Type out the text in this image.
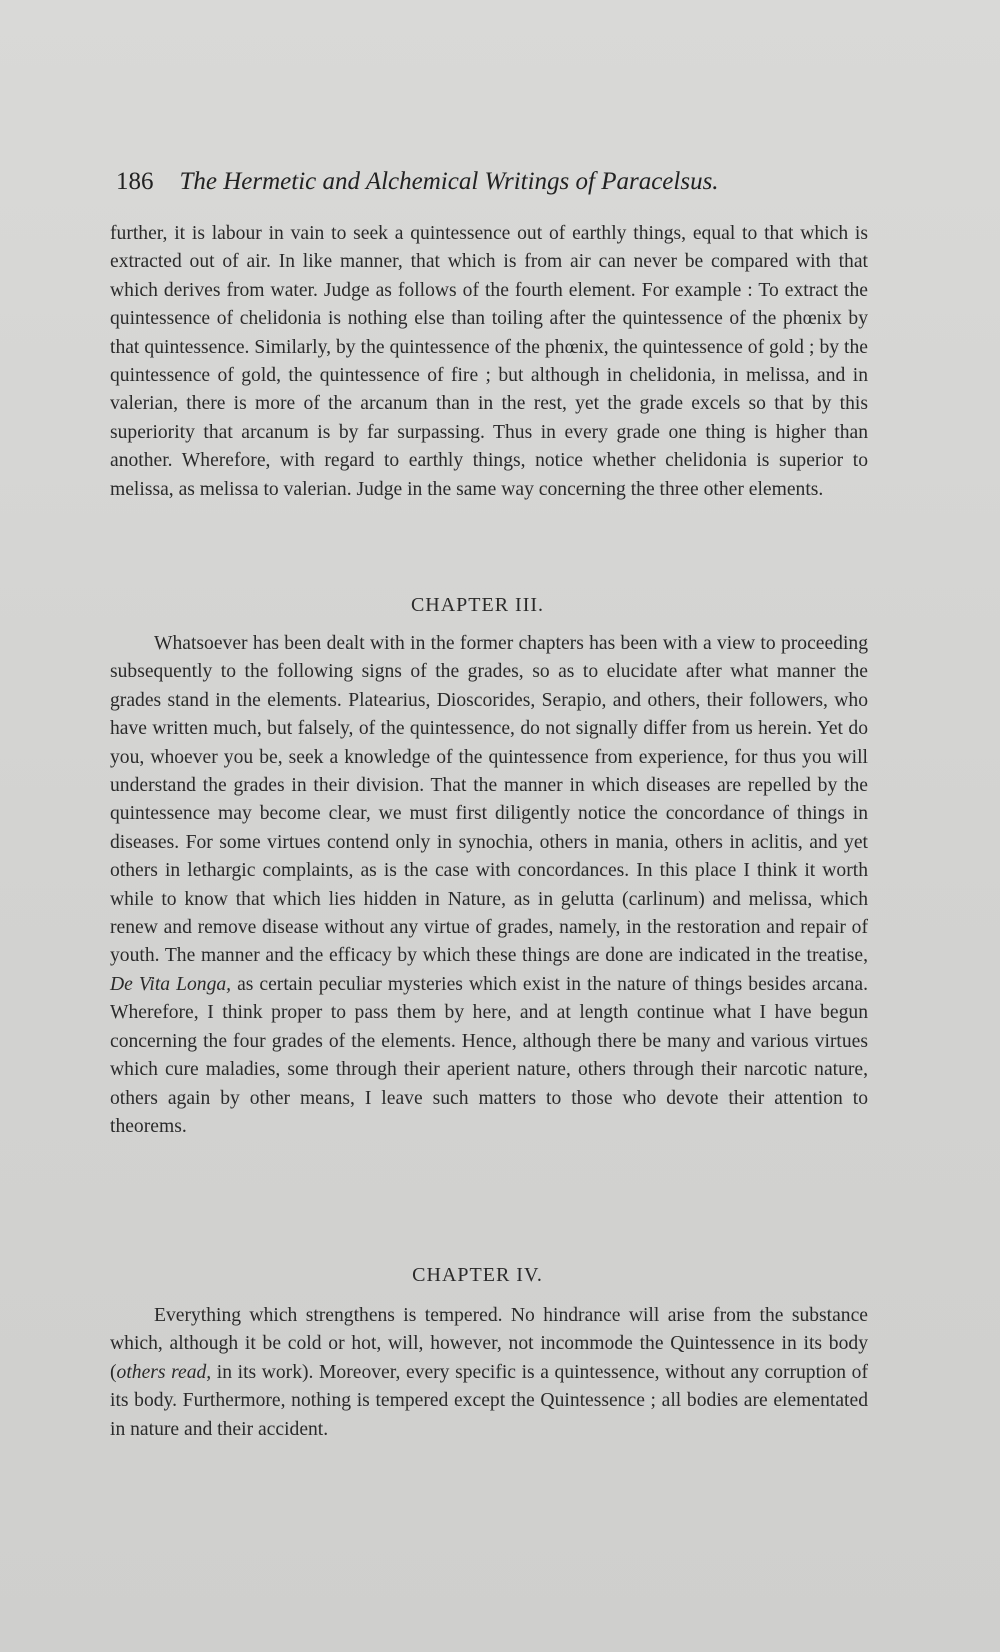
186 The Hermetic and Alchemical Writings of Paracelsus.

further, it is labour in vain to seek a quintessence out of earthly things, equal to that which is extracted out of air. In like manner, that which is from air can never be compared with that which derives from water. Judge as follows of the fourth element. For example : To extract the quintessence of chelidonia is nothing else than toiling after the quintessence of the phœnix by that quintessence. Similarly, by the quintessence of the phœnix, the quintessence of gold ; by the quintessence of gold, the quintessence of fire ; but although in chelidonia, in melissa, and in valerian, there is more of the arcanum than in the rest, yet the grade excels so that by this superiority that arcanum is by far surpassing. Thus in every grade one thing is higher than another. Wherefore, with regard to earthly things, notice whether chelidonia is superior to melissa, as melissa to valerian. Judge in the same way concerning the three other elements.

CHAPTER III.

Whatsoever has been dealt with in the former chapters has been with a view to proceeding subsequently to the following signs of the grades, so as to elucidate after what manner the grades stand in the elements. Platearius, Dioscorides, Serapio, and others, their followers, who have written much, but falsely, of the quintessence, do not signally differ from us herein. Yet do you, whoever you be, seek a knowledge of the quintessence from experience, for thus you will understand the grades in their division. That the manner in which diseases are repelled by the quintessence may become clear, we must first diligently notice the concordance of things in diseases. For some virtues contend only in synochia, others in mania, others in aclitis, and yet others in lethargic complaints, as is the case with concordances. In this place I think it worth while to know that which lies hidden in Nature, as in gelutta (carlinum) and melissa, which renew and remove disease without any virtue of grades, namely, in the restoration and repair of youth. The manner and the efficacy by which these things are done are indicated in the treatise, De Vita Longa, as certain peculiar mysteries which exist in the nature of things besides arcana. Wherefore, I think proper to pass them by here, and at length continue what I have begun concerning the four grades of the elements. Hence, although there be many and various virtues which cure maladies, some through their aperient nature, others through their narcotic nature, others again by other means, I leave such matters to those who devote their attention to theorems.

CHAPTER IV.

Everything which strengthens is tempered. No hindrance will arise from the substance which, although it be cold or hot, will, however, not incommode the Quintessence in its body (others read, in its work). Moreover, every specific is a quintessence, without any corruption of its body. Furthermore, nothing is tempered except the Quintessence ; all bodies are elementated in nature and their accident.
